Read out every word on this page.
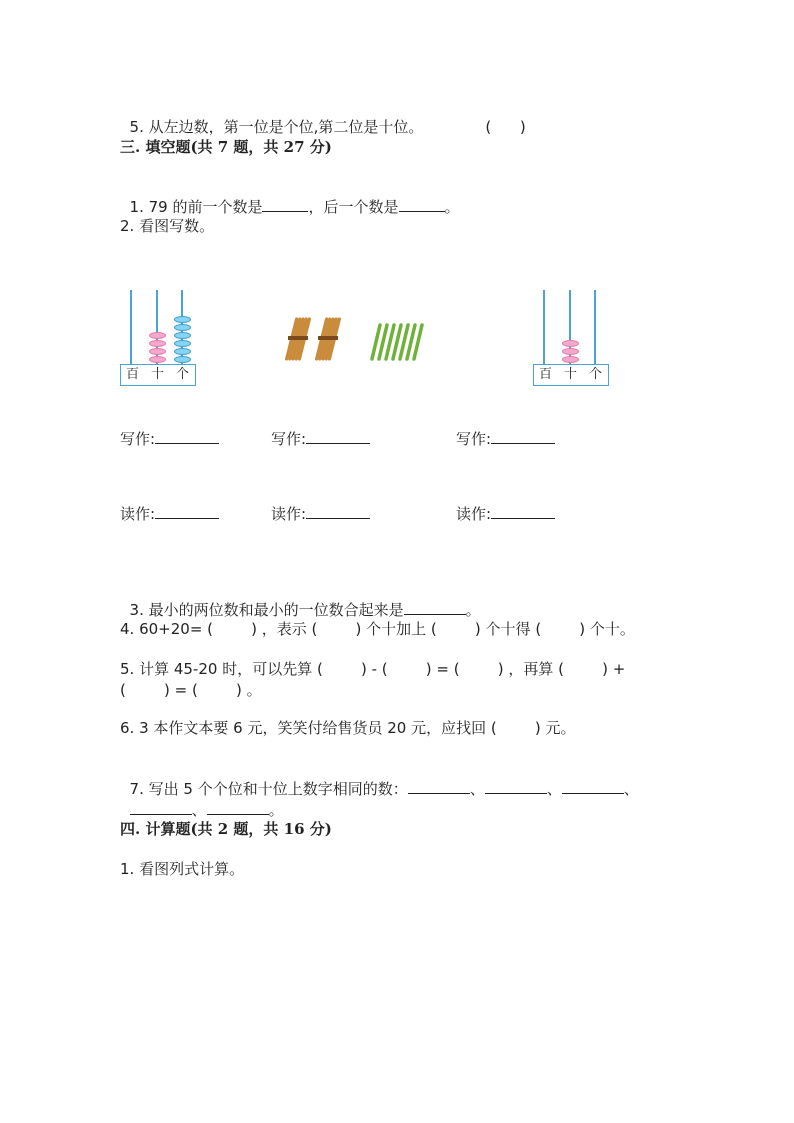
5. 从左边数，第一位是个位,第二位是十位。	(      )

三. 填空题(共 7 题，共 27 分)

1. 79 的前一个数是	，后一个数是	。

2. 看图写数。
百 十 个	百 十 个
写作:	写作:	写作:
读作:	读作:	读作:

3. 最小的两位数和最小的一位数合起来是	。

4. 60+20= (        ) ，表示 (        ) 个十加上 (        ) 个十得 (        ) 个十。
5. 计算 45-20 时，可以先算 (        ) - (        ) = (        ) ，再算 (        ) +
(        ) = (        ) 。
6. 3 本作文本要 6 元，笑笑付给售货员 20 元，应找回 (        ) 元。

7. 写出 5 个个位和十位上数字相同的数：	、	、	、

、	。

四. 计算题(共 2 题，共 16 分)
1. 看图列式计算。
